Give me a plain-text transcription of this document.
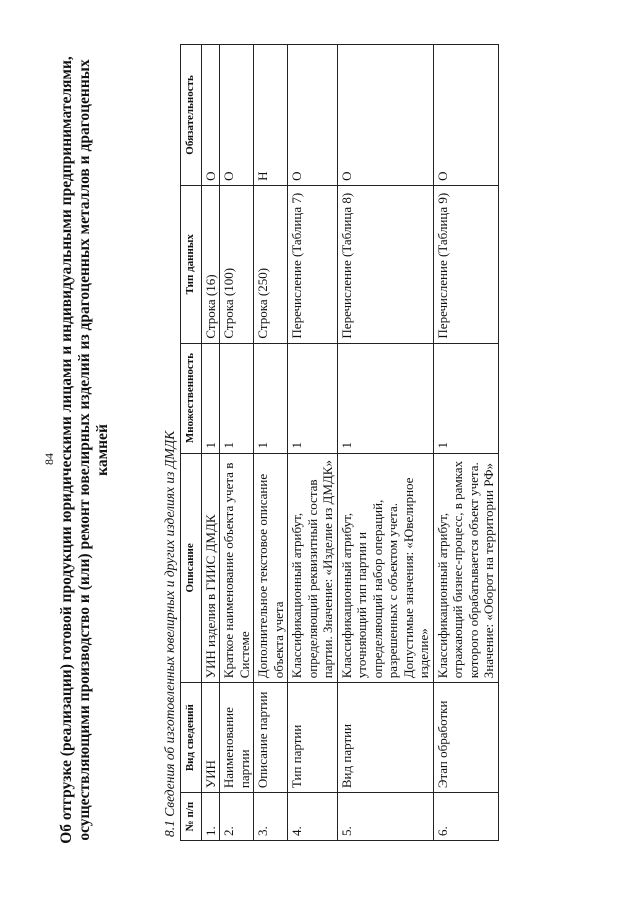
84 Об отгрузке (реализации) готовой продукции юридическими лицами и индивидуальными предпринимателями, осуществляющими производство и (или) ремонт ювелирных изделий из драгоценных металлов и драгоценных камней	8.1 Сведения об изготовленных ювелирных и других изделиях из ДМДК № п/п	Вид сведений	Описание	Множественность	Тип данных	Обязательность
1.	УИН	УИН изделия в ГИИС ДМДК	1	Строка (16)	О
2.	Наименование партии	Краткое наименование объекта учета в Системе	1	Строка (100)	О
3.	Описание партии	Дополнительное текстовое описание объекта учета	1	Строка (250)	Н
4.	Тип партии	Классификационный атрибут, определяющий реквизитный состав партии. Значение: «Изделие из ДМДК»	1	Перечисление (Таблица 7)	О
5.	Вид партии	Классификационный атрибут, уточняющий тип партии и определяющий набор операций, разрешенных с объектом учета. Допустимые значения: «Ювелирное изделие»	1	Перечисление (Таблица 8)	О
6.	Этап обработки	Классификационный атрибут, отражающий бизнес-процесс, в рамках которого обрабатывается объект учета. Значение: «Оборот на территории РФ»	1	Перечисление (Таблица 9)	О
